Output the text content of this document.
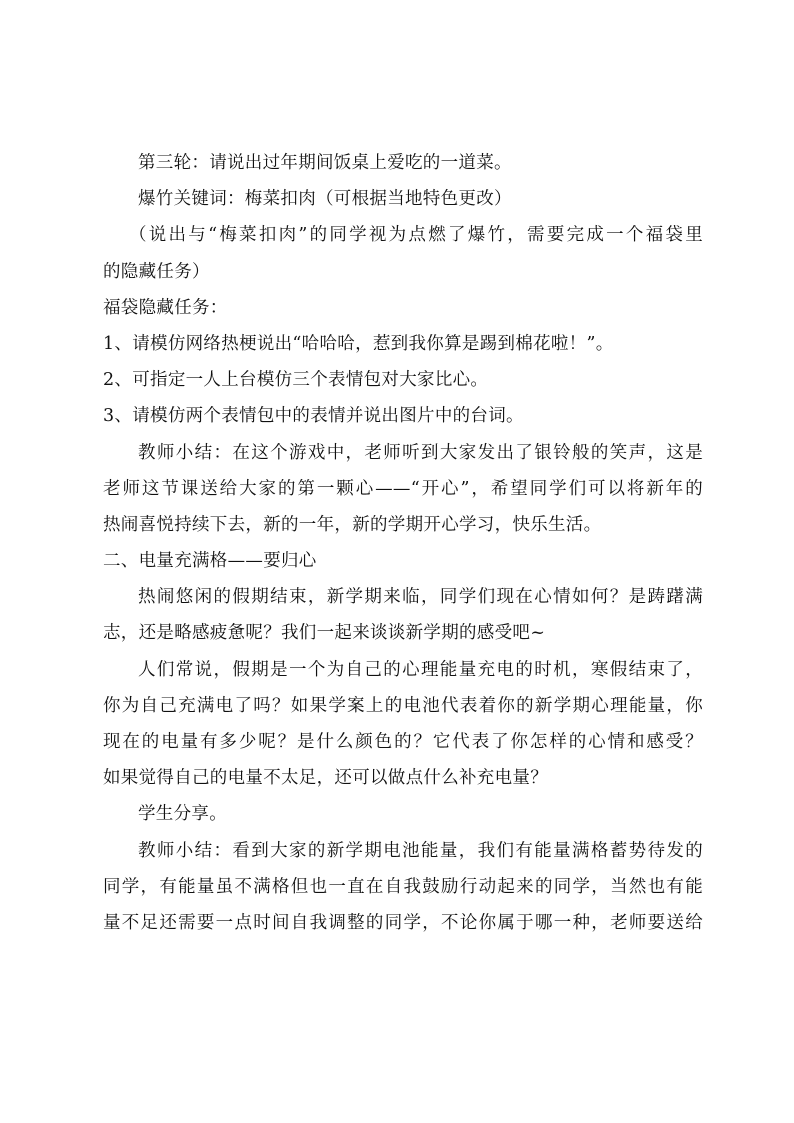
第三轮：请说出过年期间饭桌上爱吃的一道菜。
爆竹关键词：梅菜扣肉（可根据当地特色更改）
（说出与“梅菜扣肉”的同学视为点燃了爆竹，需要完成一个福袋里
的隐藏任务）
福袋隐藏任务：
1、请模仿网络热梗说出“哈哈哈，惹到我你算是踢到棉花啦！”。
2、可指定一人上台模仿三个表情包对大家比心。
3、请模仿两个表情包中的表情并说出图片中的台词。
教师小结：在这个游戏中，老师听到大家发出了银铃般的笑声，这是
老师这节课送给大家的第一颗心——“开心”，希望同学们可以将新年的
热闹喜悦持续下去，新的一年，新的学期开心学习，快乐生活。
二、电量充满格——要归心
热闹悠闲的假期结束，新学期来临，同学们现在心情如何？是踌躇满
志，还是略感疲惫呢？我们一起来谈谈新学期的感受吧~
人们常说，假期是一个为自己的心理能量充电的时机，寒假结束了，
你为自己充满电了吗？如果学案上的电池代表着你的新学期心理能量，你
现在的电量有多少呢？是什么颜色的？它代表了你怎样的心情和感受？
如果觉得自己的电量不太足，还可以做点什么补充电量？
学生分享。
教师小结：看到大家的新学期电池能量，我们有能量满格蓄势待发的
同学，有能量虽不满格但也一直在自我鼓励行动起来的同学，当然也有能
量不足还需要一点时间自我调整的同学，不论你属于哪一种，老师要送给
